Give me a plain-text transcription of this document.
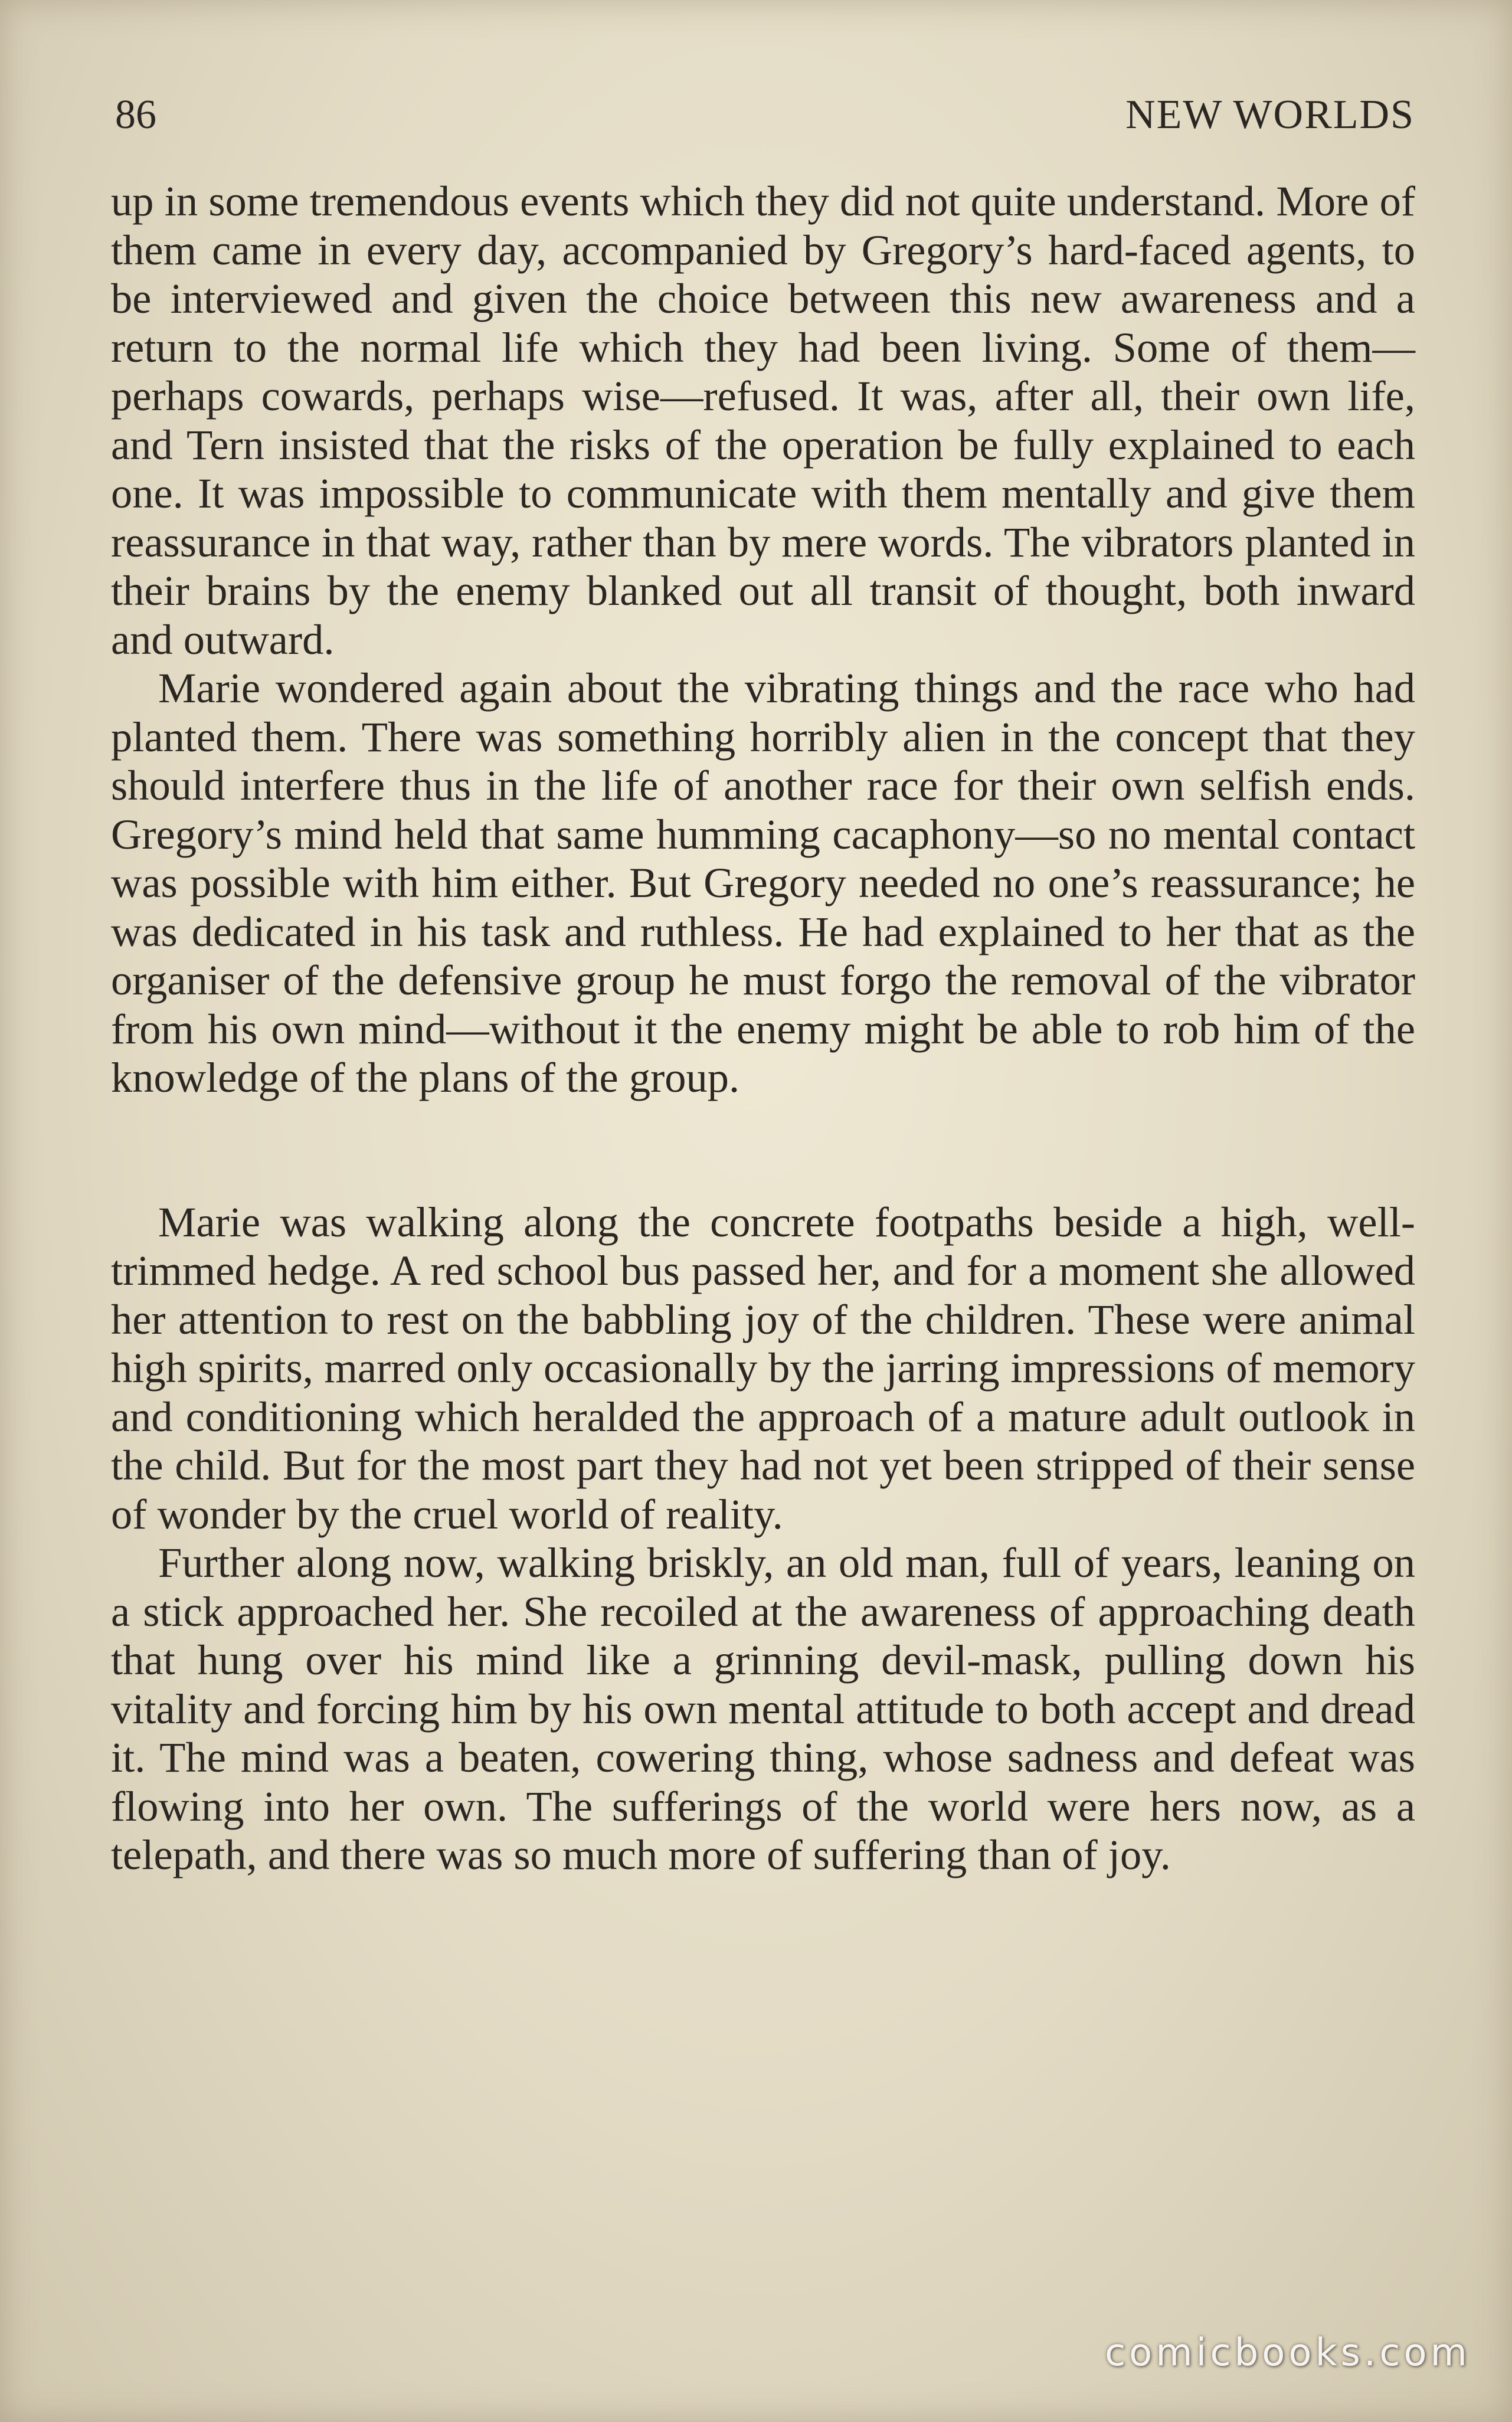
86	NEW WORLDS

up in some tremendous events which they did not quite understand. More of them came in every day, accompanied by Gregory’s hard-faced agents, to be interviewed and given the choice between this new awareness and a return to the normal life which they had been living. Some of them—perhaps cowards, perhaps wise—refused. It was, after all, their own life, and Tern insisted that the risks of the operation be fully explained to each one. It was impossible to communicate with them mentally and give them reassurance in that way, rather than by mere words. The vibrators planted in their brains by the enemy blanked out all transit of thought, both inward and outward.

Marie wondered again about the vibrating things and the race who had planted them. There was something horribly alien in the concept that they should interfere thus in the life of another race for their own selfish ends. Gregory’s mind held that same humming cacaphony—so no mental contact was possible with him either. But Gregory needed no one’s reassurance; he was dedicated in his task and ruthless. He had explained to her that as the organiser of the defensive group he must forgo the removal of the vibrator from his own mind—without it the enemy might be able to rob him of the knowledge of the plans of the group.

Marie was walking along the concrete footpaths beside a high, well-trimmed hedge. A red school bus passed her, and for a moment she allowed her attention to rest on the babbling joy of the children. These were animal high spirits, marred only occasionally by the jarring impressions of memory and conditioning which heralded the approach of a mature adult outlook in the child. But for the most part they had not yet been stripped of their sense of wonder by the cruel world of reality.

Further along now, walking briskly, an old man, full of years, leaning on a stick approached her. She recoiled at the awareness of approaching death that hung over his mind like a grinning devil-mask, pulling down his vitality and forcing him by his own mental attitude to both accept and dread it. The mind was a beaten, cowering thing, whose sadness and defeat was flowing into her own. The sufferings of the world were hers now, as a telepath, and there was so much more of suffering than of joy.

comicbooks.com
